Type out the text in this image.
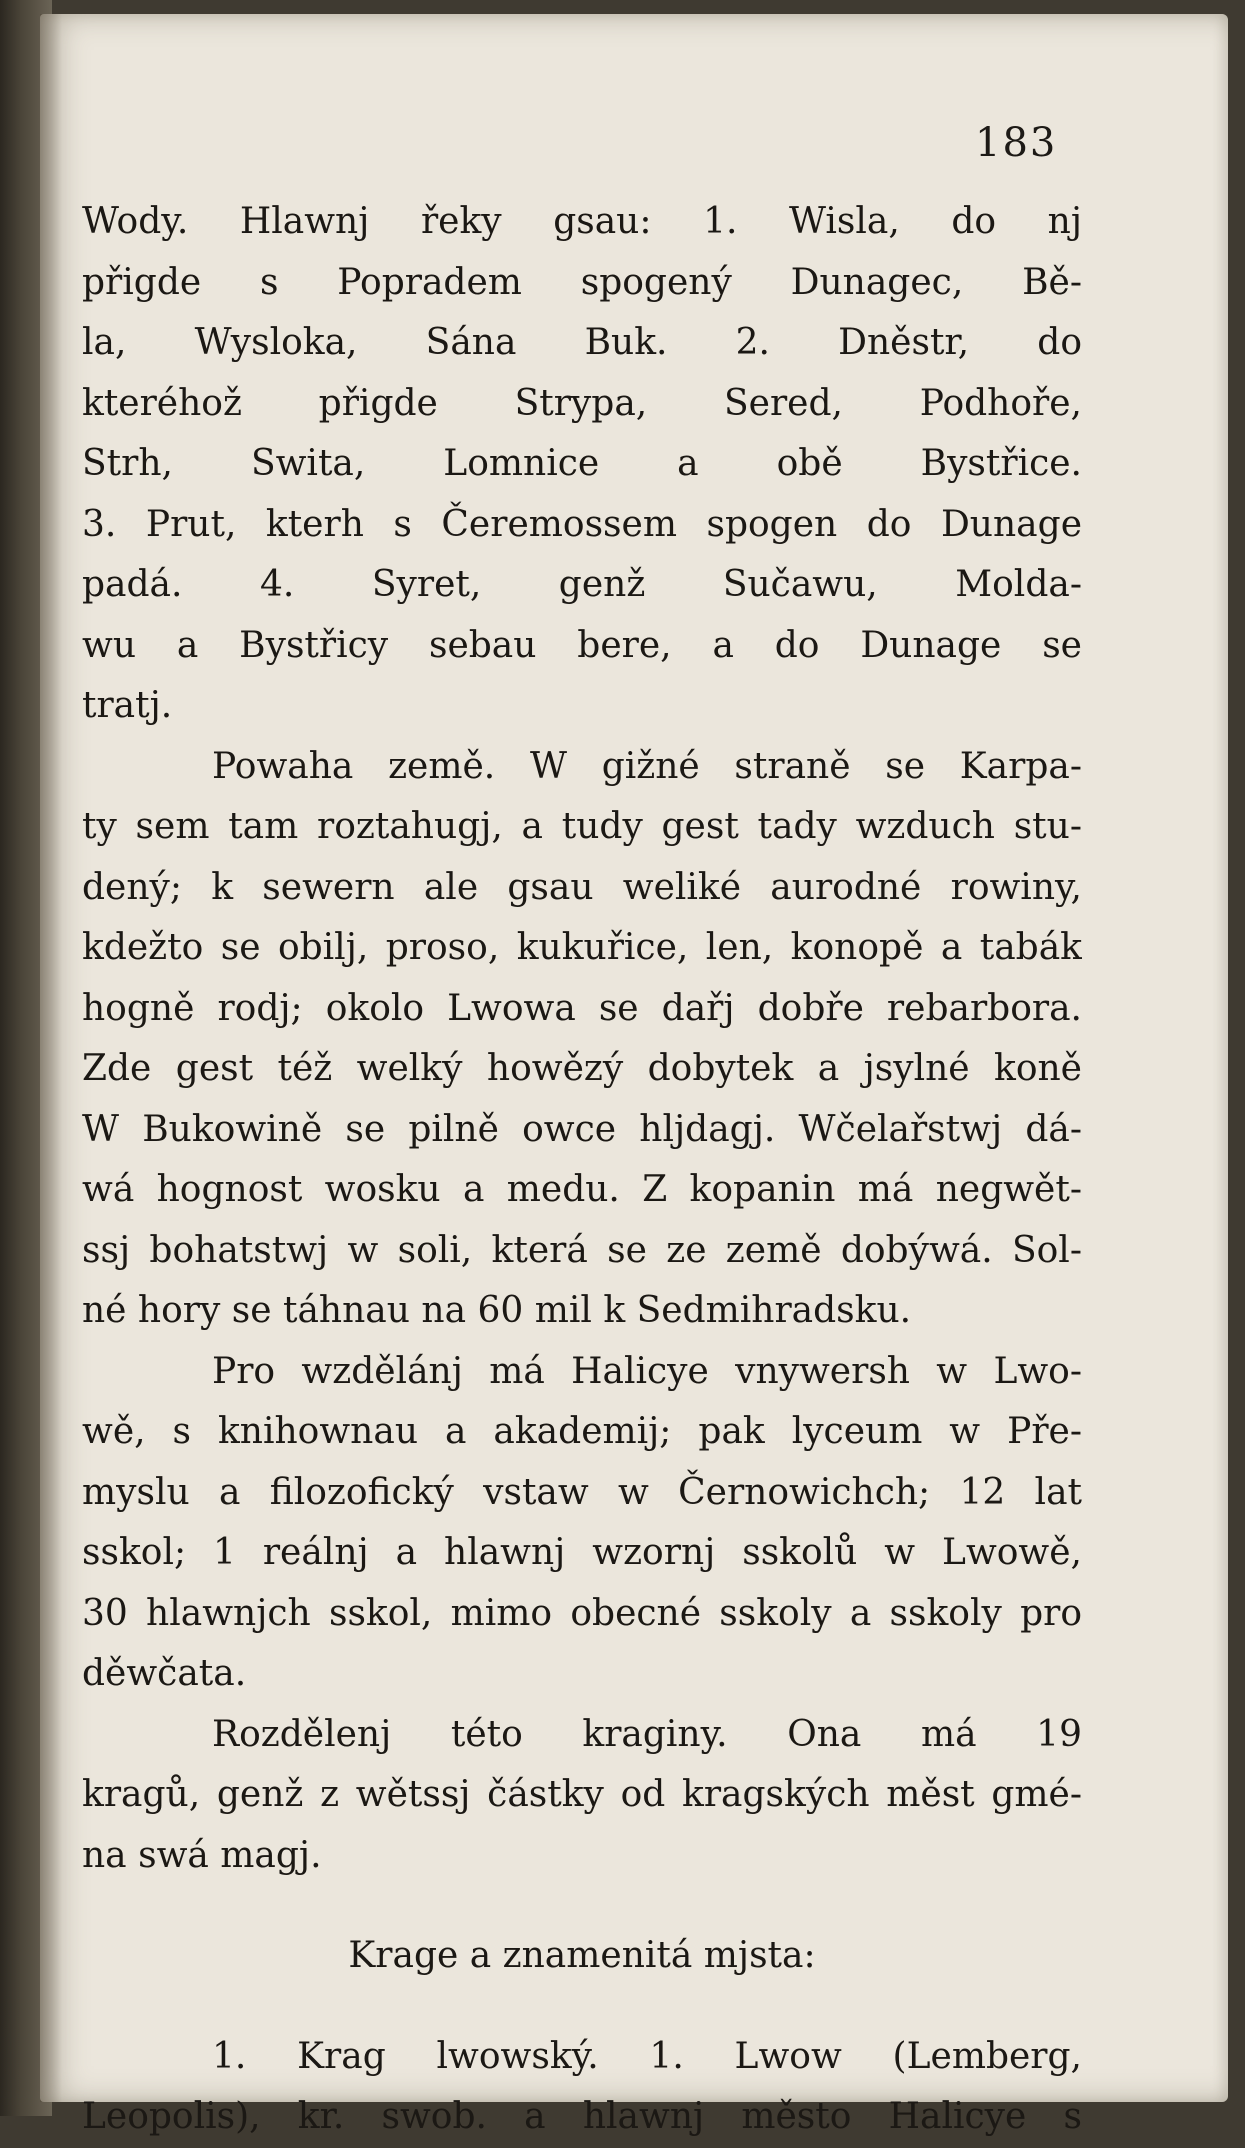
183
Wody. Hlawnj řeky gsau: 1. Wisla, do nj
přigde s Popradem spogený Dunagec, Bě-
la, Wysloka, Sána Buk. 2. Dněstr, do
kteréhož přigde Strypa, Sered, Podhoře,
Strh, Swita, Lomnice a obě Bystřice.
3. Prut, kterh s Čeremossem spogen do Dunage
padá. 4. Syret, genž Sučawu, Molda-
wu a Bystřicy sebau bere, a do Dunage se
tratj.
Powaha země. W gižné straně se Karpa-
ty sem tam roztahugj, a tudy gest tady wzduch stu-
dený; k sewern ale gsau weliké aurodné rowiny,
kdežto se obilj, proso, kukuřice, len, konopě a tabák
hogně rodj; okolo Lwowa se dařj dobře rebarbora.
Zde gest též welký howězý dobytek a jsylné koně
W Bukowině se pilně owce hljdagj. Wčelařstwj dá-
wá hognost wosku a medu. Z kopanin má negwět-
ssj bohatstwj w soli, která se ze země dobýwá. Sol-
né hory se táhnau na 60 mil k Sedmihradsku.
Pro wzdělánj má Halicye vnywersh w Lwo-
wě, s knihownau a akademij; pak lyceum w Pře-
myslu a filozofický vstaw w Černowichch; 12 lat
sskol; 1 reálnj a hlawnj wzornj sskolů w Lwowě,
30 hlawnjch sskol, mimo obecné sskoly a sskoly pro
děwčata.
Rozdělenj této kraginy. Ona má 19
kragů, genž z wětssj částky od kragských měst gmé-
na swá magj.
Krage a znamenitá mjsta:
1. Krag lwowský. 1. Lwow (Lemberg,
Leopolis), kr. swob. a hlawnj město Halicye s
